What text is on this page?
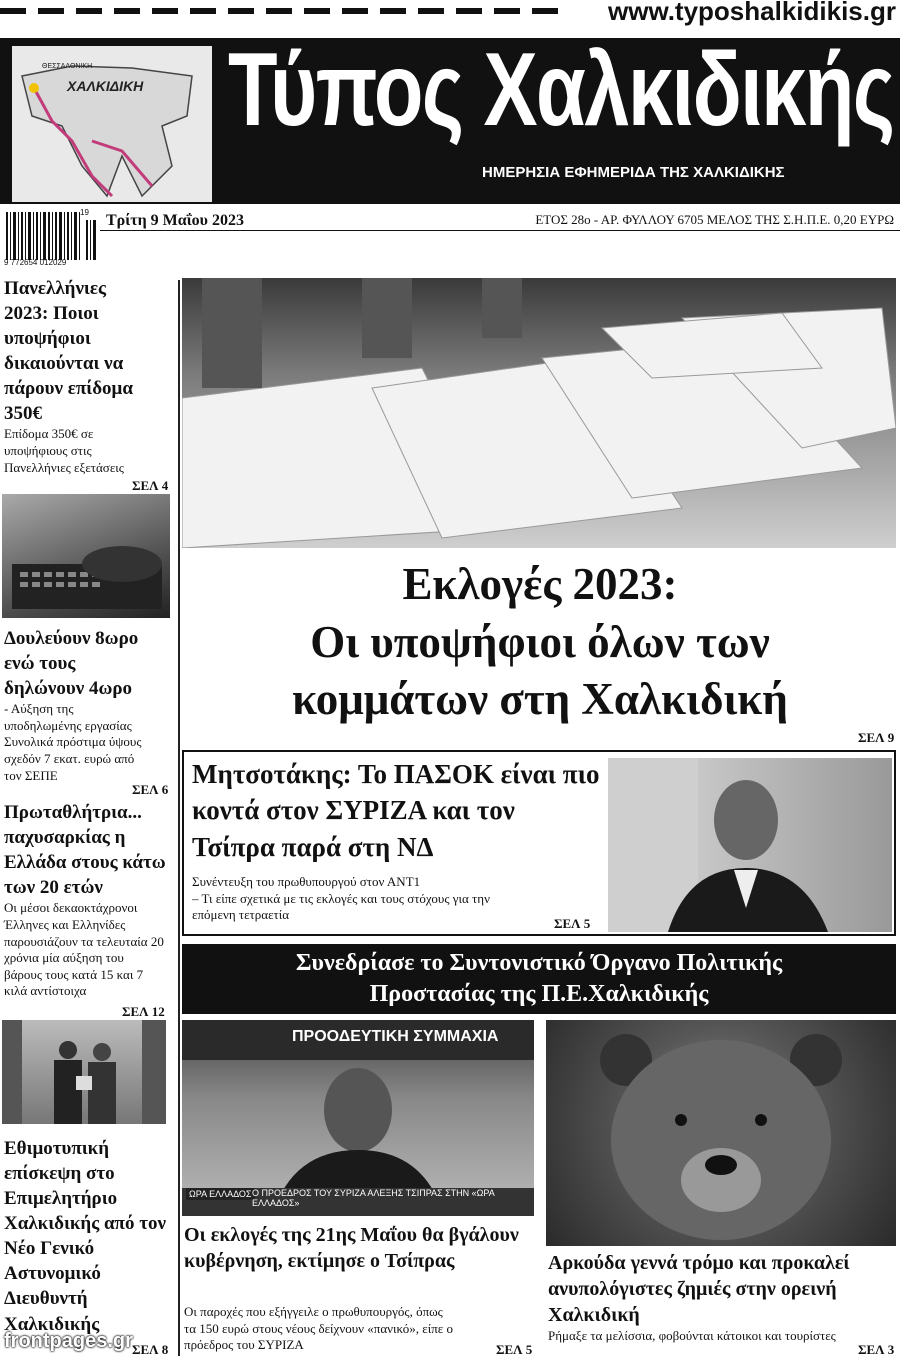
www.typoshalkidikis.gr
ΧΑΛΚΙΔΙΚΗ
ΘΕΣΣΑΛΟΝΙΚΗ Τύπος Χαλκιδικής
ΗΜΕΡΗΣΙΑ ΕΦΗΜΕΡΙΔΑ ΤΗΣ ΧΑΛΚΙΔΙΚΗΣ
19
9 772654 012029
Τρίτη 9 Μαΐου 2023	ΕΤΟΣ 28ο - ΑΡ. ΦΥΛΛΟΥ 6705 ΜΕΛΟΣ ΤΗΣ Σ.Η.Π.Ε. 0,20 ΕΥΡΩ
Πανελλήνιες 2023: Ποιοι υποψήφιοι δικαιούνται να πάρουν επίδομα 350€
Επίδομα 350€ σε υποψήφιους στις Πανελλήνιες εξετάσεις
ΣΕΛ 4
Δουλεύουν 8ωρο ενώ τους δηλώνουν 4ωρο
- Αύξηση της υποδηλωμένης εργασίας Συνολικά πρόστιμα ύψους σχεδόν 7 εκατ. ευρώ από τον ΣΕΠΕ
ΣΕΛ 6
Πρωταθλήτρια... παχυσαρκίας η Ελλάδα στους κάτω των 20 ετών
Οι μέσοι δεκαοκτάχρονοι Έλληνες και Ελληνίδες παρουσιάζουν τα τελευταία 20 χρόνια μία αύξηση του βάρους τους κατά 15 και 7 κιλά αντίστοιχα
ΣΕΛ 12
Εθιμοτυπική επίσκεψη στο Επιμελητήριο Χαλκιδικής από τον Νέο Γενικό Αστυνομικό Διευθυντή Χαλκιδικής
ΣΕΛ 8
Εκλογές 2023:
Οι υποψήφιοι όλων των
κομμάτων στη Χαλκιδική
ΣΕΛ 9
Μητσοτάκης: Το ΠΑΣΟΚ είναι πιο κοντά στον ΣΥΡΙΖΑ και τον Τσίπρα παρά στη ΝΔ
Συνέντευξη του πρωθυπουργού στον ΑΝΤ1
– Τι είπε σχετικά με τις εκλογές και τους στόχους για την επόμενη τετραετία
ΣΕΛ 5
Συνεδρίασε το Συντονιστικό Όργανο Πολιτικής
Προστασίας της Π.Ε.Χαλκιδικής	ΣΕΛ 9
ΠΡΟΟΔΕΥΤΙΚΗ ΣΥΜΜΑΧΙΑ
ΩΡΑ ΕΛΛΑΔΟΣ Ο ΠΡΟΕΔΡΟΣ ΤΟΥ ΣΥΡΙΖΑ ΑΛΕΞΗΣ ΤΣΙΠΡΑΣ ΣΤΗΝ «ΩΡΑ ΕΛΛΑΔΟΣ»
Οι εκλογές της 21ης Μαΐου θα βγάλουν κυβέρνηση, εκτίμησε ο Τσίπρας
Οι παροχές που εξήγγειλε ο πρωθυπουργός, όπως τα 150 ευρώ στους νέους δείχνουν «πανικό», είπε ο πρόεδρος του ΣΥΡΙΖΑ	ΣΕΛ 5
Αρκούδα γεννά τρόμο και προκαλεί ανυπολόγιστες ζημιές στην ορεινή Χαλκιδική
Ρήμαξε τα μελίσσια, φοβούνται κάτοικοι και τουρίστες
ΣΕΛ 3
frontpages.gr
